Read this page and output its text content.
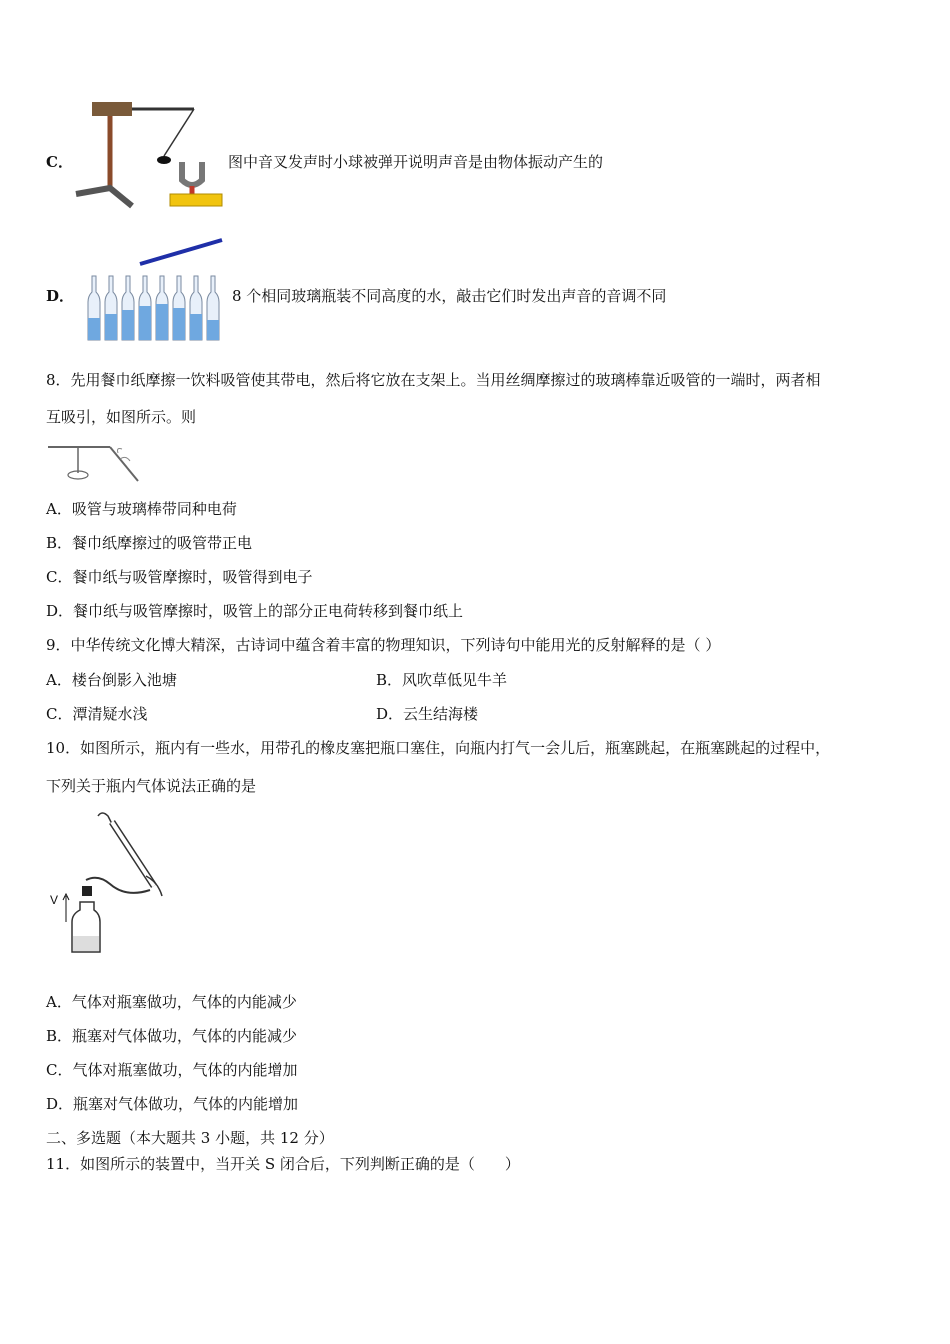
C．	图中音叉发声时小球被弹开说明声音是由物体振动产生的
D．	8 个相同玻璃瓶装不同高度的水，敲击它们时发出声音的音调不同
8．先用餐巾纸摩擦一饮料吸管使其带电，然后将它放在支架上。当用丝绸摩擦过的玻璃棒靠近吸管的一端时，两者相
互吸引，如图所示。则
A．吸管与玻璃棒带同种电荷
B．餐巾纸摩擦过的吸管带正电
C．餐巾纸与吸管摩擦时，吸管得到电子
D．餐巾纸与吸管摩擦时，吸管上的部分正电荷转移到餐巾纸上
9．中华传统文化博大精深，古诗词中蕴含着丰富的物理知识，下列诗句中能用光的反射解释的是（ ）
A．楼台倒影入池塘	B．风吹草低见牛羊
C．潭清疑水浅	D．云生结海楼
10．如图所示，瓶内有一些水，用带孔的橡皮塞把瓶口塞住，向瓶内打气一会儿后，瓶塞跳起，在瓶塞跳起的过程中，
下列关于瓶内气体说法正确的是
V
A．气体对瓶塞做功，气体的内能减少
B．瓶塞对气体做功，气体的内能减少
C．气体对瓶塞做功，气体的内能增加
D．瓶塞对气体做功，气体的内能增加
二、多选题（本大题共 3 小题，共 12 分）
11．如图所示的装置中，当开关 S 闭合后，下列判断正确的是（　　）
